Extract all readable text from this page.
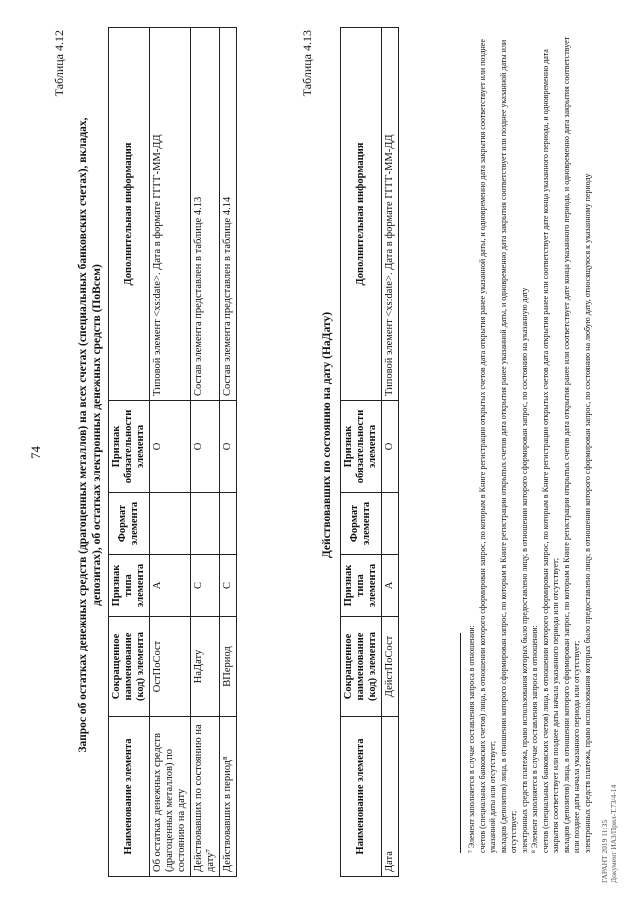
74
Таблица 4.12
Запрос об остатках денежных средств (драгоценных металлов) на всех счетах (специальных банковских счетах), вкладах, депозитах), об остатках электронных денежных средств (ПоВсем)
Наименование элемента	Сокращенное наименование (код) элемента	Признак типа элемента	Формат элемента	Признак обязательности элемента	Дополнительная информация
Об остатках денежных средств (драгоценных металлов) по состоянию на дату	ОстПоСост	А		О	Типовой элемент <xs:date>. Дата в формате ГГГГ-ММ-ДД
Действовавших по состоянию на дату⁷	НаДату	С		О	Состав элемента представлен в таблице 4.13
Действовавших в период⁸	ВПериод	С		О	Состав элемента представлен в таблице 4.14
Таблица 4.13
Действовавших по состоянию на дату (НаДату)
Наименование элемента	Сокращенное наименование (код) элемента	Признак типа элемента	Формат элемента	Признак обязательности элемента	Дополнительная информация
Дата	ДейстПоСост	А		О	Типовой элемент <xs:date>. Дата в формате ГГГГ-ММ-ДД

⁷ Элемент заполняется в случае составления запроса в отношении: счетов (специальных банковских счетов) лица, в отношении которого сформирован запрос, по которым в Книге регистрации открытых счетов дата открытия ранее указанной даты, и одновременно дата закрытия соответствует или позднее указанной даты или отсутствует; вкладов (депозитов) лица, в отношении которого сформирован запрос, по которым в Книге регистрации открытых счетов дата открытия ранее указанной даты, и одновременно дата закрытия соответствует или позднее указанной даты или отсутствует; электронных средств платежа, право использования которых было предоставлено лицу, в отношении которого сформирован запрос, по состоянию на указанную дату ⁸ Элемент заполняется в случае составления запроса в отношении: счетов (специальных банковских счетов) лица, в отношении которого сформирован запрос, по которым в Книге регистрации открытых счетов дата открытия ранее или соответствует дате конца указанного периода, и одновременно дата закрытия соответствует или позднее даты начала указанного периода или отсутствует; вкладов (депозитов) лица, в отношении которого сформирован запрос, по которым в Книге регистрации открытых счетов дата открытия ранее или соответствует дате конца указанного периода, и одновременно дата закрытия соответствует или позднее даты начала указанного периода или отсутствует; электронных средств платежа, право использования которых было предоставлено лицу, в отношении которого сформирован запрос, по состоянию на любую дату, относящуюся к указанному периоду ГАРАНТ 2019 11:35 Документ ИАЗ/Прил-Т.73/4-14
